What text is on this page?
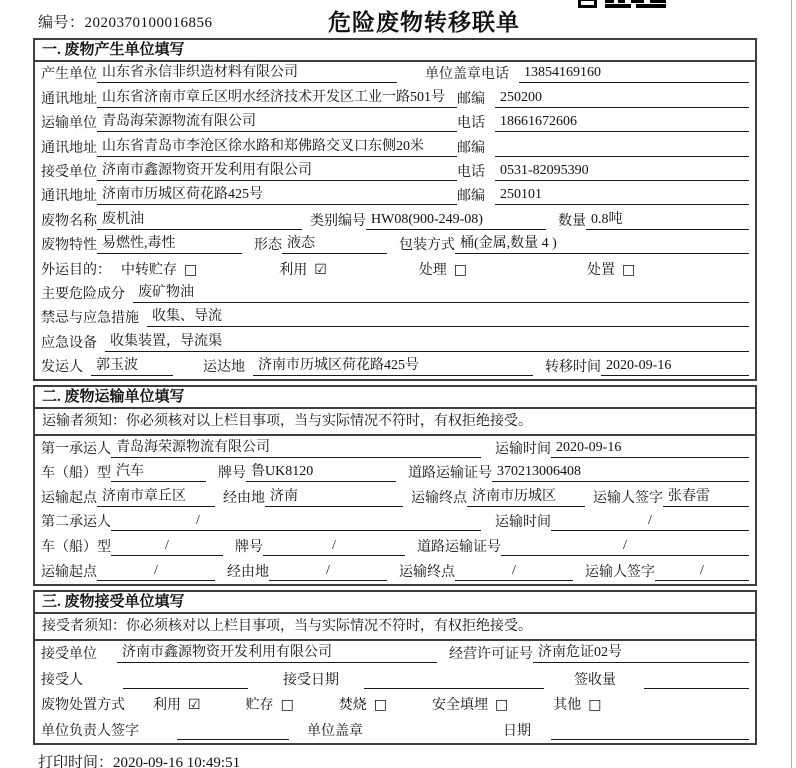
编号：2020370100016856	危险废物转移联单
一. 废物产生单位填写
产生单位 山东省永信非织造材料有限公司	单位盖章 电话	13854169160
通讯地址 山东省济南市章丘区明水经济技术开发区工业一路501号 邮编	250200
运输单位 青岛海荣源物流有限公司	电话	18661672606
通讯地址 山东省青岛市李沧区徐水路和郑佛路交叉口东侧20米	邮编
接受单位 济南市鑫源物资开发利用有限公司	电话	0531-82095390
通讯地址 济南市历城区荷花路425号	邮编	250101
废物名称 废机油	类别编号 HW08(900-249-08)	数量 0.8吨
废物特性 易燃性,毒性	形态 液态	包装方式 桶(金属,数量 4 )
外运目的： 中转贮存 □	利用 ☑	处理 □	处置 □
主要危险成分 废矿物油
禁忌与应急措施 收集、导流
应急设备 收集装置，导流渠
发运人 郭玉波	运达地 济南市历城区荷花路425号	转移时间 2020-09-16
二. 废物运输单位填写
运输者须知：你必须核对以上栏目事项，当与实际情况不符时，有权拒绝接受。
第一承运人 青岛海荣源物流有限公司	运输时间 2020-09-16
车（船）型 汽车	牌号 鲁UK8120	道路运输证号 370213006408
运输起点 济南市章丘区	经由地 济南	运输终点 济南市历城区	运输人签字 张春雷
第二承运人	/	运输时间	/
车（船）型	/	牌号	/	道路运输证号	/
运输起点	/	经由地	/	运输终点	/	运输人签字	/
三. 废物接受单位填写
接受者须知：你必须核对以上栏目事项，当与实际情况不符时，有权拒绝接受。
接受单位	济南市鑫源物资开发利用有限公司	经营许可证号 济南危证02号
接受人	接受日期	签收量
废物处置方式 利用 ☑	贮存 □	焚烧 □	安全填埋 □	其他 □
单位负责人签字	单位盖章	日期
打印时间：2020-09-16 10:49:51
